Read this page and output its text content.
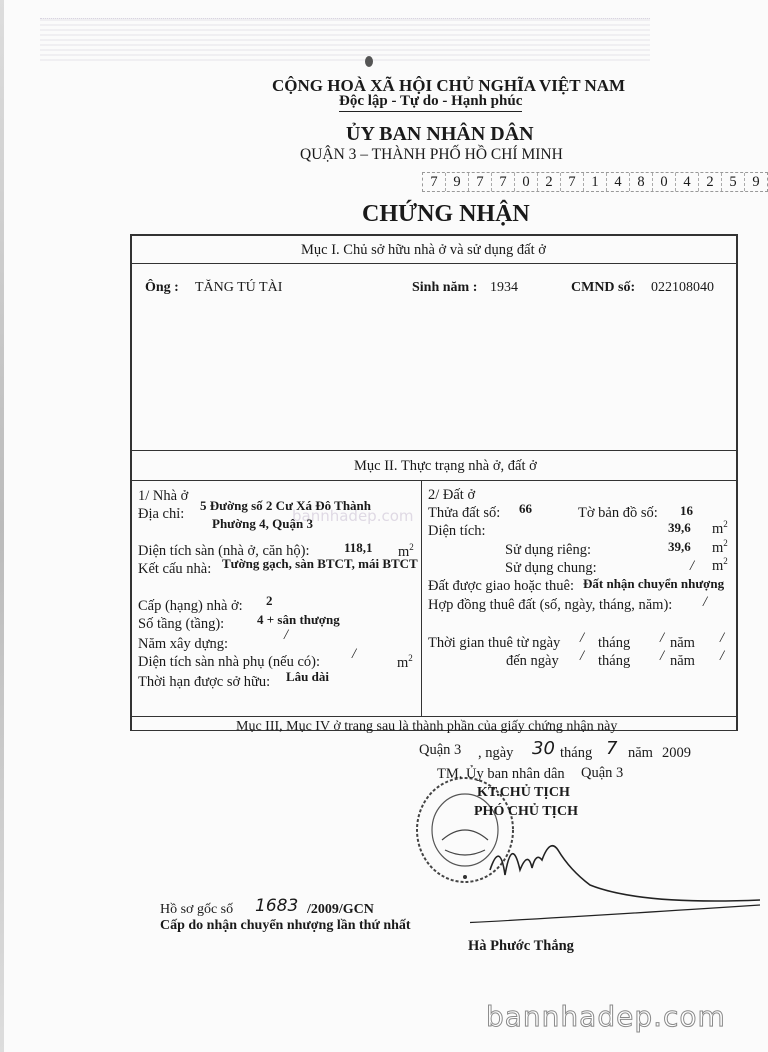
CỘNG HOÀ XÃ HỘI CHỦ NGHĨA VIỆT NAM
Độc lập - Tự do - Hạnh phúc
ỦY BAN NHÂN DÂN
QUẬN 3 – THÀNH PHỐ HỒ CHÍ MINH
7	9	7	7	0	2	7	1	4	8	0	4	2	5	9
CHỨNG NHẬN
Mục I. Chủ sở hữu nhà ở và sử dụng đất ở
Ông : TĂNG TÚ TÀI	Sinh năm : 1934	CMND số: 022108040
Mục II. Thực trạng nhà ở, đất ở
bannhadep.com
1/ Nhà ở
Địa chỉ:
5 Đường số 2 Cư Xá Đô Thành
Phường 4, Quận 3
Diện tích sàn (nhà ở, căn hộ):	118,1 $m^2$
Kết cấu nhà: Tường gạch, sàn BTCT, mái BTCT
Cấp (hạng) nhà ở: 2
Số tầng (tầng):	4 + sân thượng
Năm xây dựng:
/
Diện tích sàn nhà phụ (nếu có): /
$m^2$
Thời hạn được sở hữu: Lâu dài
2/ Đất ở
Thửa đất số: 66	Tờ bản đồ số: 16
Diện tích:	39,6 $m^2$
Sử dụng riêng:	39,6 $m^2$
Sử dụng chung:	/ $m^2$
Đất được giao hoặc thuê: Đất nhận chuyển nhượng
Hợp đồng thuê đất (số, ngày, tháng, năm): /
Thời gian thuê từ ngày / tháng / năm /
đến ngày / tháng / năm /
Mục III, Mục IV ở trang sau là thành phần của giấy chứng nhận này
Quận 3 , ngày 30 tháng 7 năm 2009
TM. Ủy ban nhân dân Quận 3
KT.CHỦ TỊCH
PHÓ CHỦ TỊCH
Hồ sơ gốc số 1683 /2009/GCN
Cấp do nhận chuyển nhượng lần thứ nhất
Hà Phước Thắng
bannhadep.com
